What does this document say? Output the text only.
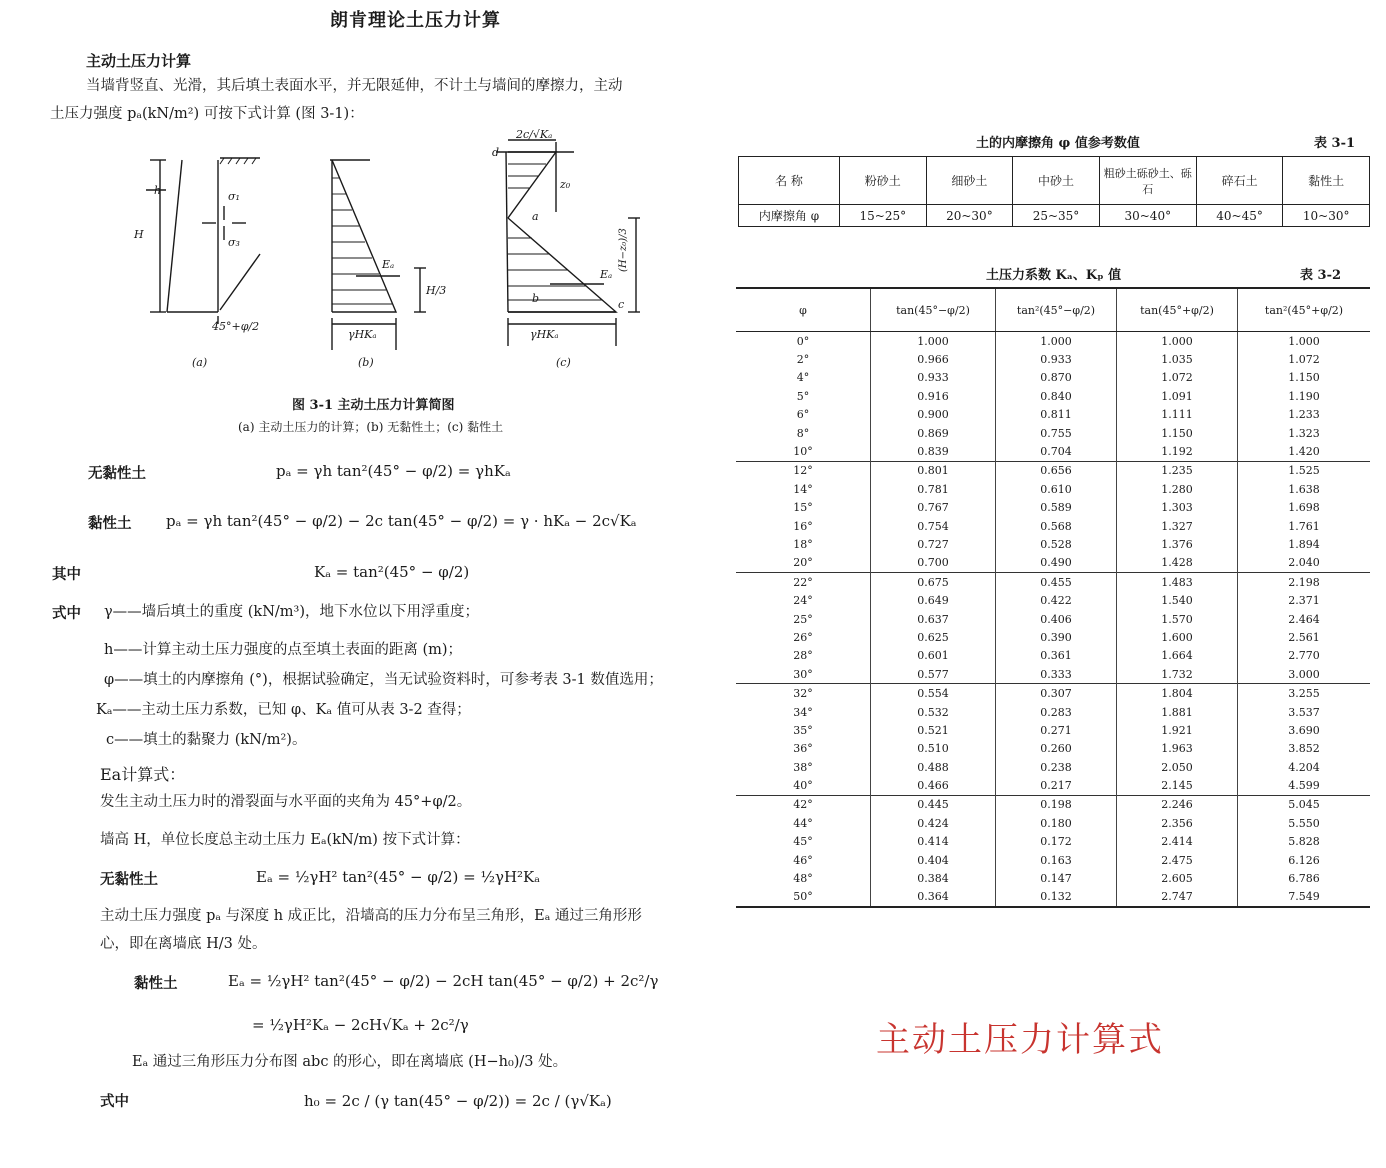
朗肯理论土压力计算
主动土压力计算
当墙背竖直、光滑，其后填土表面水平，并无限延伸，不计土与墙间的摩擦力，主动
土压力强度 pₐ(kN/m²) 可按下式计算 (图 3-1)：
h
H
σ₁
σ₃
45°+φ/2
(a)
Eₐ
H/3
γHKₐ
(b)
2c/√Kₐ
z₀
d
a
b	c
Eₐ
γHKₐ
(c)
(H−z₀)/3
图 3-1 主动土压力计算简图
(a) 主动土压力的计算；(b) 无黏性土；(c) 黏性土
无黏性土	pₐ = γh tan²(45° − φ/2) = γhKₐ
黏性土 pₐ = γh tan²(45° − φ/2) − 2c tan(45° − φ/2) = γ · hKₐ − 2c√Kₐ
其中	Kₐ = tan²(45° − φ/2)
式中 γ——墙后填土的重度 (kN/m³)，地下水位以下用浮重度；
h——计算主动土压力强度的点至填土表面的距离 (m)；
φ——填土的内摩擦角 (°)，根据试验确定，当无试验资料时，可参考表 3-1 数值选用；
Kₐ——主动土压力系数，已知 φ、Kₐ 值可从表 3-2 查得；
c——填土的黏聚力 (kN/m²)。
Ea计算式：
发生主动土压力时的滑裂面与水平面的夹角为 45°+φ/2。
墙高 H，单位长度总主动土压力 Eₐ(kN/m) 按下式计算：
无黏性土	Eₐ = ½γH² tan²(45° − φ/2) = ½γH²Kₐ
主动土压力强度 pₐ 与深度 h 成正比，沿墙高的压力分布呈三角形，Eₐ 通过三角形形
心，即在离墙底 H/3 处。
黏性土	Eₐ = ½γH² tan²(45° − φ/2) − 2cH tan(45° − φ/2) + 2c²/γ
= ½γH²Kₐ − 2cH√Kₐ + 2c²/γ
Eₐ 通过三角形压力分布图 abc 的形心，即在离墙底 (H−h₀)/3 处。
式中	h₀ = 2c / (γ tan(45° − φ/2)) = 2c / (γ√Kₐ)
土的内摩擦角 φ 值参考数值	表 3-1
名 称	粉砂土	细砂土	中砂土	粗砂土砾砂土、砾石	碎石土	黏性土
内摩擦角 φ	15~25°	20~30°	25~35°	30~40°	40~45°	10~30°
土压力系数 Kₐ、Kₚ 值	表 3-2
φ	tan(45°−φ/2)	tan²(45°−φ/2)	tan(45°+φ/2)	tan²(45°+φ/2)
0°	1.000	1.000	1.000	1.000
2°	0.966	0.933	1.035	1.072
4°	0.933	0.870	1.072	1.150
5°	0.916	0.840	1.091	1.190
6°	0.900	0.811	1.111	1.233
8°	0.869	0.755	1.150	1.323
10°	0.839	0.704	1.192	1.420
12°	0.801	0.656	1.235	1.525
14°	0.781	0.610	1.280	1.638
15°	0.767	0.589	1.303	1.698
16°	0.754	0.568	1.327	1.761
18°	0.727	0.528	1.376	1.894
20°	0.700	0.490	1.428	2.040
22°	0.675	0.455	1.483	2.198
24°	0.649	0.422	1.540	2.371
25°	0.637	0.406	1.570	2.464
26°	0.625	0.390	1.600	2.561
28°	0.601	0.361	1.664	2.770
30°	0.577	0.333	1.732	3.000
32°	0.554	0.307	1.804	3.255
34°	0.532	0.283	1.881	3.537
35°	0.521	0.271	1.921	3.690
36°	0.510	0.260	1.963	3.852
38°	0.488	0.238	2.050	4.204
40°	0.466	0.217	2.145	4.599
42°	0.445	0.198	2.246	5.045
44°	0.424	0.180	2.356	5.550
45°	0.414	0.172	2.414	5.828
46°	0.404	0.163	2.475	6.126
48°	0.384	0.147	2.605	6.786
50°	0.364	0.132	2.747	7.549
主动土压力计算式
